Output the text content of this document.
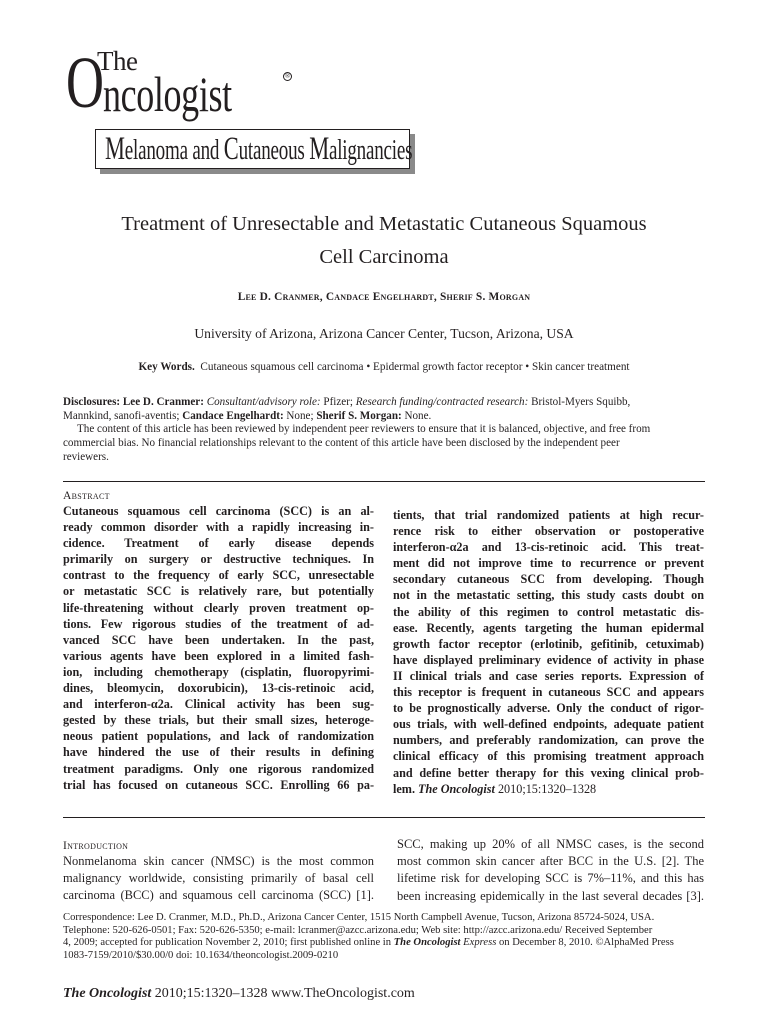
O
The
ncologist	®
Melanoma and Cutaneous Malignancies
Treatment of Unresectable and Metastatic Cutaneous Squamous
Cell Carcinoma
Lee D. Cranmer, Candace Engelhardt, Sherif S. Morgan
University of Arizona, Arizona Cancer Center, Tucson, Arizona, USA
Key Words. Cutaneous squamous cell carcinoma • Epidermal growth factor receptor • Skin cancer treatment
Disclosures: Lee D. Cranmer: Consultant/advisory role: Pfizer; Research funding/contracted research: Bristol-Myers Squibb,
Mannkind, sanofi-aventis; Candace Engelhardt: None; Sherif S. Morgan: None.
The content of this article has been reviewed by independent peer reviewers to ensure that it is balanced, objective, and free from
commercial bias. No financial relationships relevant to the content of this article have been disclosed by the independent peer
reviewers.
Abstract
Cutaneous squamous cell carcinoma (SCC) is an al-
ready common disorder with a rapidly increasing in-
cidence. Treatment of early disease depends
primarily on surgery or destructive techniques. In
contrast to the frequency of early SCC, unresectable
or metastatic SCC is relatively rare, but potentially
life-threatening without clearly proven treatment op-
tions. Few rigorous studies of the treatment of ad-
vanced SCC have been undertaken. In the past,
various agents have been explored in a limited fash-
ion, including chemotherapy (cisplatin, fluoropyrimi-
dines, bleomycin, doxorubicin), 13-cis-retinoic acid,
and interferon-α2a. Clinical activity has been sug-
gested by these trials, but their small sizes, heteroge-
neous patient populations, and lack of randomization
have hindered the use of their results in defining
treatment paradigms. Only one rigorous randomized
trial has focused on cutaneous SCC. Enrolling 66 pa-
tients, that trial randomized patients at high recur-
rence risk to either observation or postoperative
interferon-α2a and 13-cis-retinoic acid. This treat-
ment did not improve time to recurrence or prevent
secondary cutaneous SCC from developing. Though
not in the metastatic setting, this study casts doubt on
the ability of this regimen to control metastatic dis-
ease. Recently, agents targeting the human epidermal
growth factor receptor (erlotinib, gefitinib, cetuximab)
have displayed preliminary evidence of activity in phase
II clinical trials and case series reports. Expression of
this receptor is frequent in cutaneous SCC and appears
to be prognostically adverse. Only the conduct of rigor-
ous trials, with well-defined endpoints, adequate patient
numbers, and preferably randomization, can prove the
clinical efficacy of this promising treatment approach
and define better therapy for this vexing clinical prob-
lem. The Oncologist 2010;15:1320–1328
Introduction
Nonmelanoma skin cancer (NMSC) is the most common
malignancy worldwide, consisting primarily of basal cell
carcinoma (BCC) and squamous cell carcinoma (SCC) [1].
SCC, making up 20% of all NMSC cases, is the second
most common skin cancer after BCC in the U.S. [2]. The
lifetime risk for developing SCC is 7%–11%, and this has
been increasing epidemically in the last several decades [3].
Correspondence: Lee D. Cranmer, M.D., Ph.D., Arizona Cancer Center, 1515 North Campbell Avenue, Tucson, Arizona 85724-5024, USA.
Telephone: 520-626-0501; Fax: 520-626-5350; e-mail: lcranmer@azcc.arizona.edu; Web site: http://azcc.arizona.edu/ Received September
4, 2009; accepted for publication November 2, 2010; first published online in The Oncologist Express on December 8, 2010. ©AlphaMed Press
1083-7159/2010/$30.00/0 doi: 10.1634/theoncologist.2009-0210
The Oncologist 2010;15:1320–1328 www.TheOncologist.com
